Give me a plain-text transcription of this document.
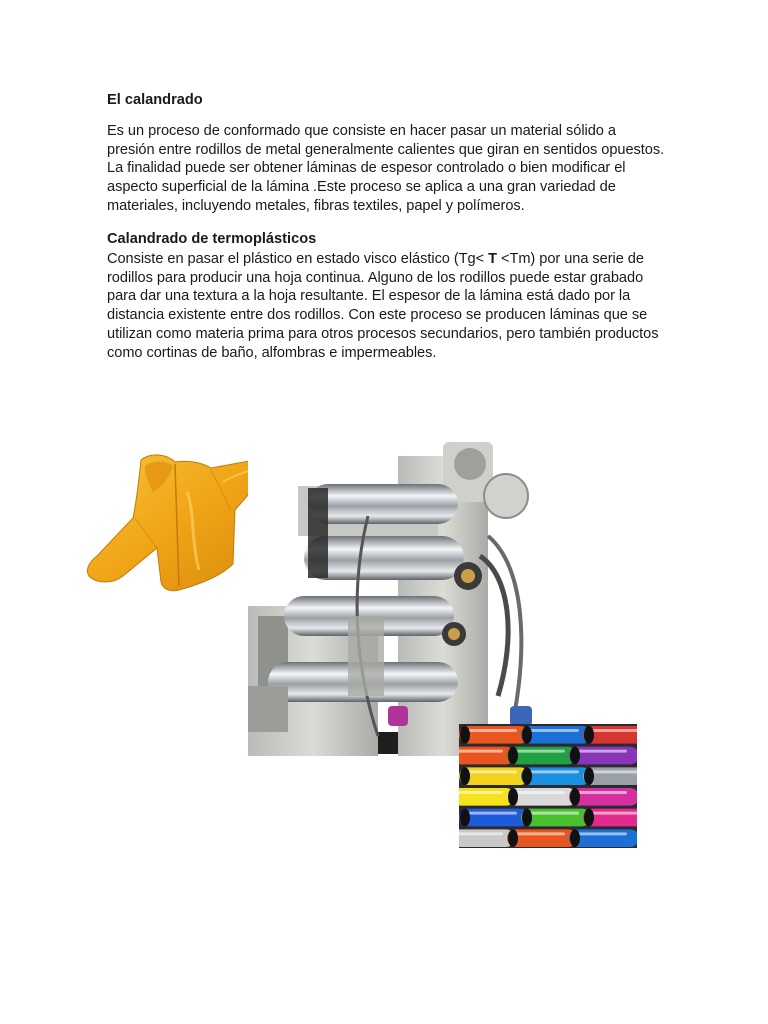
El calandrado

Es un proceso de conformado que consiste en hacer pasar un material sólido a presión entre rodillos de metal generalmente calientes que giran en sentidos opuestos. La finalidad puede ser obtener láminas de espesor controlado o bien modificar el aspecto superficial de la lámina .Este proceso se aplica a una gran variedad de materiales, incluyendo metales, fibras textiles, papel y polímeros.

Calandrado de termoplásticos

Consiste en pasar el plástico en estado visco elástico (Tg< T <Tm) por una serie de rodillos para producir una hoja continua. Alguno de los rodillos puede estar grabado para dar una textura a la hoja resultante. El espesor de la lámina está dado por la distancia existente entre dos rodillos. Con este proceso se producen láminas que se utilizan como materia prima para otros procesos secundarios, pero también productos como cortinas de baño, alfombras e impermeables.
